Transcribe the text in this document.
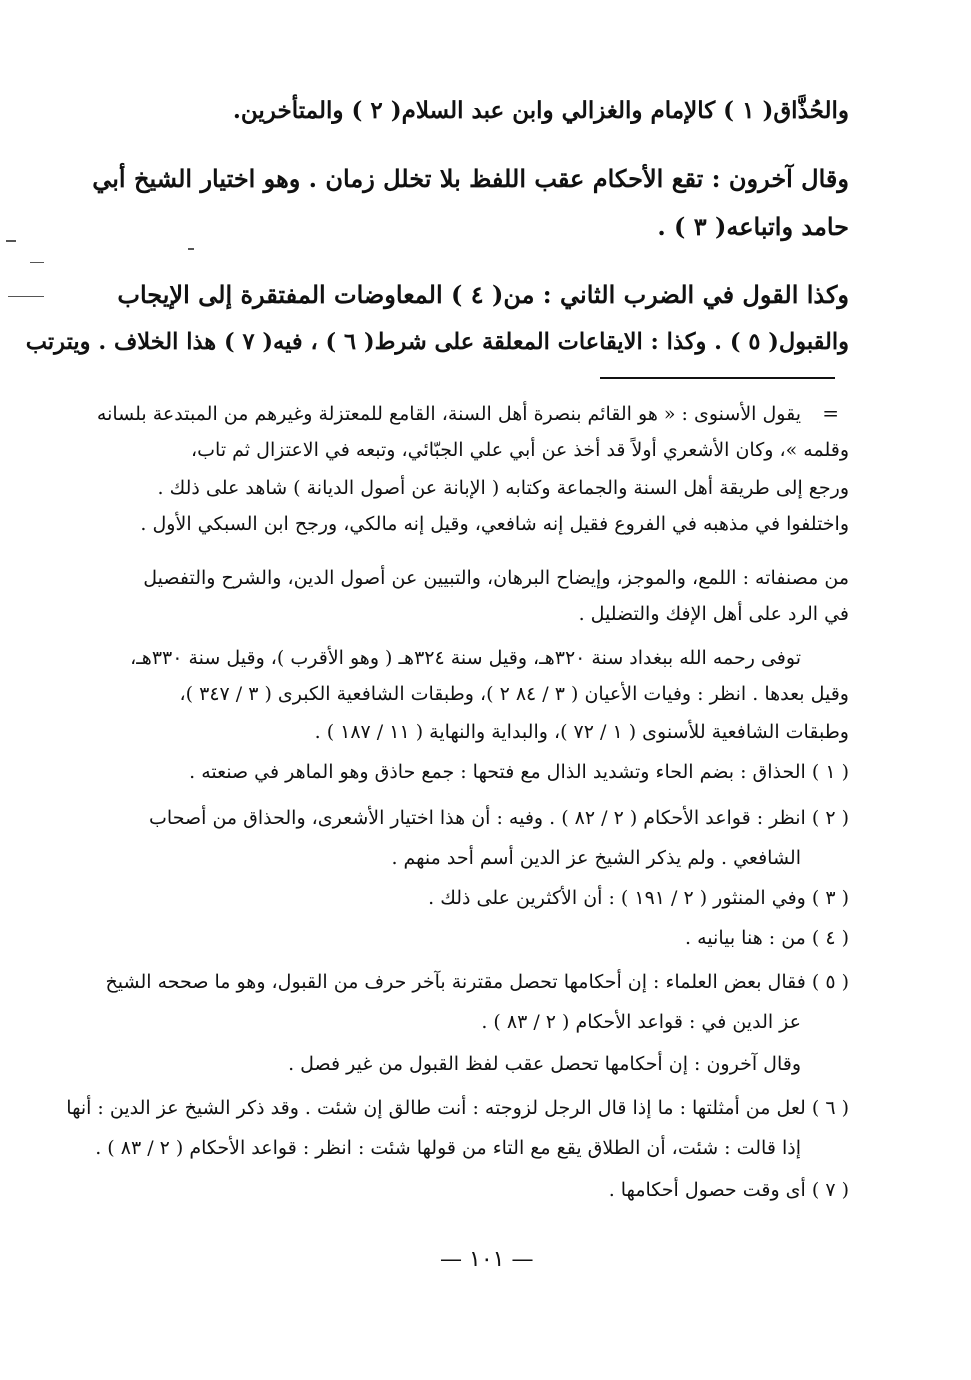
والحُذَّاق( ١ ) كالإمام والغزالي وابن عبد السلام( ٢ ) والمتأخرين.
وقال آخرون : تقع الأحكام عقب اللفظ بلا تخلل زمان . وهو اختيار الشيخ أبي
حامد واتباعه( ٣ ) .
وكذا القول في الضرب الثاني : من( ٤ ) المعاوضات المفتقرة إلى الإيجاب
والقبول( ٥ ) . وكذا : الايقاعات المعلقة على شرط( ٦ ) ، فيه( ٧ ) هذا الخلاف . ويترتب
=
يقول الأسنوى : « هو القائم بنصرة أهل السنة، القامع للمعتزلة وغيرهم من المبتدعة بلسانه
وقلمه »، وكان الأشعري أولاً قد أخذ عن أبي علي الجبّائي، وتبعه في الاعتزال ثم تاب،
ورجع إلى طريقة أهل السنة والجماعة وكتابه ( الإبانة عن أصول الديانة ) شاهد على ذلك .
واختلفوا في مذهبه في الفروع فقيل إنه شافعي، وقيل إنه مالكي، ورجح ابن السبكي الأول .
من مصنفاته : اللمع، والموجز، وإيضاح البرهان، والتبيين عن أصول الدين، والشرح والتفصيل
في الرد على أهل الإفك والتضليل .
توفى رحمه الله ببغداد سنة ٣٢٠هـ، وقيل سنة ٣٢٤هـ ( وهو الأقرب )، وقيل سنة ٣٣٠هـ،
وقيل بعدها . انظر : وفيات الأعيان ( ٣ / ٨٤ ٢ )، وطبقات الشافعية الكبرى ( ٣ / ٣٤٧ )،
وطبقات الشافعية للأسنوى ( ١ / ٧٢ )، والبداية والنهاية ( ١١ / ١٨٧ ) .
( ١ ) الحذاق : بضم الحاء وتشديد الذال مع فتحها : جمع حاذق وهو الماهر في صنعته .
( ٢ ) انظر : قواعد الأحكام ( ٢ / ٨٢ ) . وفيه : أن هذا اختيار الأشعرى، والحذاق من أصحاب
الشافعي . ولم يذكر الشيخ عز الدين أسم أحد منهم .
( ٣ ) وفي المنثور ( ٢ / ١٩١ ) : أن الأكثرين على ذلك .
( ٤ ) من : هنا بيانيه .
( ٥ ) فقال بعض العلماء : إن أحكامها تحصل مقترنة بآخر حرف من القبول، وهو ما صححه الشيخ
عز الدين في : قواعد الأحكام ( ٢ / ٨٣ ) .
وقال آخرون : إن أحكامها تحصل عقب لفظ القبول من غير فصل .
( ٦ ) لعل من أمثلتها : ما إذا قال الرجل لزوجته : أنت طالق إن شئت . وقد ذكر الشيخ عز الدين : أنها
إذا قالت : شئت، أن الطلاق يقع مع التاء من قولها شئت : انظر : قواعد الأحكام ( ٢ / ٨٣ ) .
( ٧ ) أى وقت حصول أحكامها .
— ١٠١ —
